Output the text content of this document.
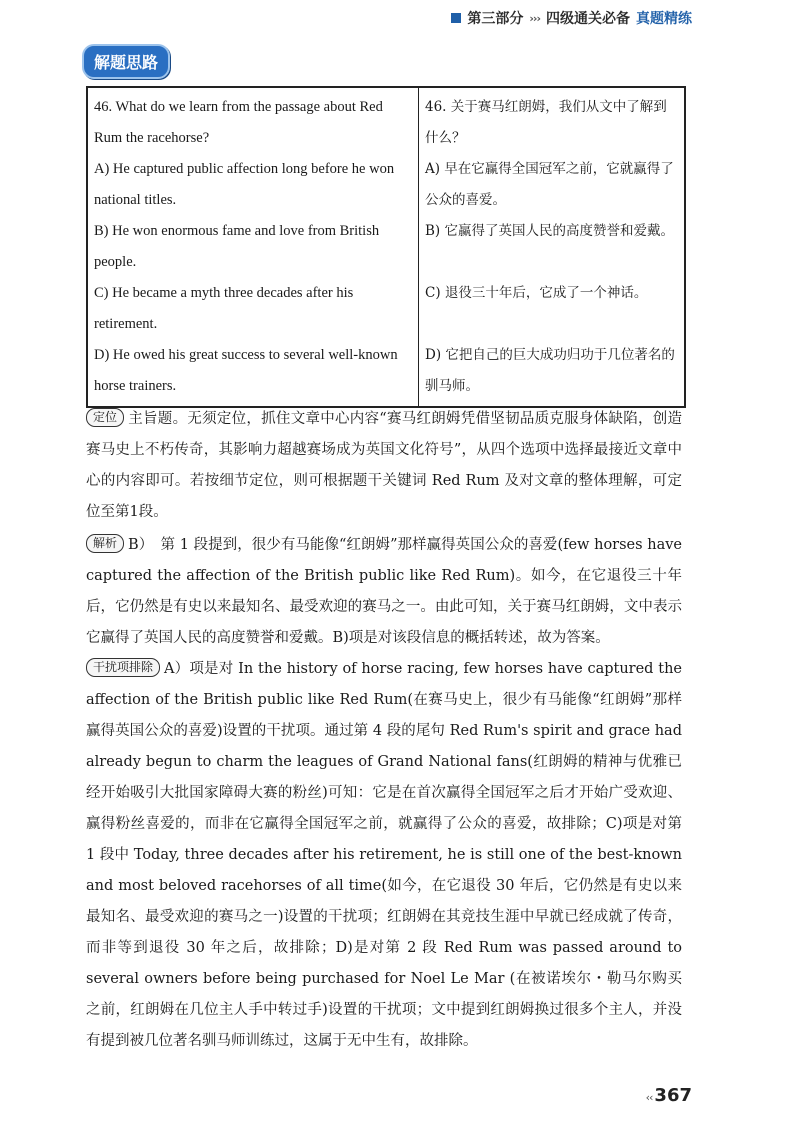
第三部分 ››› 四级通关必备 真题精练
解题思路
46. What do we learn from the passage about Red Rum the racehorse?
A) He captured public affection long before he won national titles.
B) He won enormous fame and love from British people.
C) He became a myth three decades after his retirement.
D) He owed his great success to several well-known horse trainers.

46. 关于赛马红朗姆，我们从文中了解到什么？
A) 早在它赢得全国冠军之前，它就赢得了公众的喜爱。
B) 它赢得了英国人民的高度赞誉和爱戴。
C) 退役三十年后，它成了一个神话。
D) 它把自己的巨大成功归功于几位著名的驯马师。
定位 主旨题。无须定位，抓住文章中心内容“赛马红朗姆凭借坚韧品质克服身体缺陷，创造赛马史上不朽传奇，其影响力超越赛场成为英国文化符号”，从四个选项中选择最接近文章中心的内容即可。若按细节定位，则可根据题干关键词 Red Rum 及对文章的整体理解，可定位至第1段。
解析 B）　第 1 段提到，很少有马能像“红朗姆”那样赢得英国公众的喜爱(few horses have captured the affection of the British public like Red Rum)。如今，在它退役三十年后，它仍然是有史以来最知名、最受欢迎的赛马之一。由此可知，关于赛马红朗姆，文中表示它赢得了英国人民的高度赞誉和爱戴。B)项是对该段信息的概括转述，故为答案。
干扰项排除 A）项是对 In the history of horse racing, few horses have captured the affection of the British public like Red Rum(在赛马史上，很少有马能像“红朗姆”那样赢得英国公众的喜爱)设置的干扰项。通过第 4 段的尾句 Red Rum's spirit and grace had already begun to charm the leagues of Grand National fans(红朗姆的精神与优雅已经开始吸引大批国家障碍大赛的粉丝)可知：它是在首次赢得全国冠军之后才开始广受欢迎、赢得粉丝喜爱的，而非在它赢得全国冠军之前，就赢得了公众的喜爱，故排除；C)项是对第 1 段中 Today, three decades after his retirement, he is still one of the best-known and most beloved racehorses of all time(如今，在它退役 30 年后，它仍然是有史以来最知名、最受欢迎的赛马之一)设置的干扰项；红朗姆在其竞技生涯中早就已经成就了传奇，而非等到退役 30 年之后，故排除；D)是对第 2 段 Red Rum was passed around to several owners before being purchased for Noel Le Mar (在被诺埃尔・勒马尔购买之前，红朗姆在几位主人手中转过手)设置的干扰项；文中提到红朗姆换过很多个主人，并没有提到被几位著名驯马师训练过，这属于无中生有，故排除。
‹‹ 367
